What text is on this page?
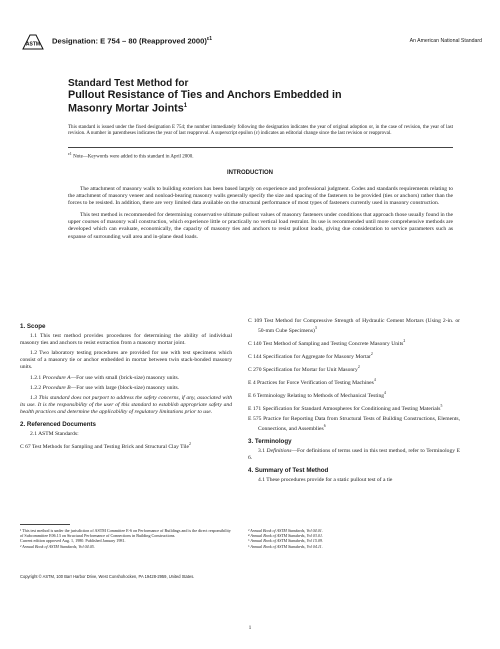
ASTM Designation: E 754 – 80 (Reapproved 2000)$^{\varepsilon 1}$	An American National Standard
Standard Test Method for
Pullout Resistance of Ties and Anchors Embedded in
Masonry Mortar Joints$^1$
This standard is issued under the fixed designation E 754; the number immediately following the designation indicates the year of original adoption or, in the case of revision, the year of last revision. A number in parentheses indicates the year of last reapproval. A superscript epsilon (ε) indicates an editorial change since the last revision or reapproval.
$^{\varepsilon 1}$ Note—Keywords were added to this standard in April 2000.
INTRODUCTION

The attachment of masonry walls to building exteriors has been based largely on experience and professional judgment. Codes and standards requirements relating to the attachment of masonry veneer and nonload-bearing masonry walls generally specify the size and spacing of the fasteners to be provided (ties or anchors) rather than the forces to be resisted. In addition, there are very limited data available on the structural performance of most types of fasteners currently used in masonry construction.

This test method is recommended for determining conservative ultimate pullout values of masonry fasteners under conditions that approach those usually found in the upper courses of masonry wall construction, which experience little or practically no vertical load restraint. Its use is recommended until more comprehensive methods are developed which can evaluate, economically, the capacity of masonry ties and anchors to resist pullout loads, giving due consideration to service parameters such as expanse of surrounding wall area and in-plane dead loads.

1. Scope

1.1 This test method provides procedures for determining the ability of individual masonry ties and anchors to resist extraction from a masonry mortar joint.

1.2 Two laboratory testing procedures are provided for use with test specimens which consist of a masonry tie or anchor embedded in mortar between twin stack-bonded masonry units.

1.2.1 Procedure A—For use with small (brick-size) masonry units.

1.2.2 Procedure B—For use with large (block-size) masonry units.

1.3 This standard does not purport to address the safety concerns, if any, associated with its use. It is the responsibility of the user of this standard to establish appropriate safety and health practices and determine the applicability of regulatory limitations prior to use.

2. Referenced Documents

2.1 ASTM Standards:

C 67 Test Methods for Sampling and Testing Brick and Structural Clay Tile$^2$

C 109 Test Method for Compressive Strength of Hydraulic Cement Mortars (Using 2-in. or 50-mm Cube Specimens)$^3$

C 140 Test Method of Sampling and Testing Concrete Masonry Units$^2$

C 144 Specification for Aggregate for Masonry Mortar$^2$

C 270 Specification for Mortar for Unit Masonry$^2$

E 4 Practices for Force Verification of Testing Machines$^4$

E 6 Terminology Relating to Methods of Mechanical Testing$^4$

E 171 Specification for Standard Atmospheres for Conditioning and Testing Materials$^5$

E 575 Practice for Reporting Data from Structural Tests of Building Constructions, Elements, Connections, and Assemblies$^6$

3. Terminology

3.1 Definitions—For definitions of terms used in this test method, refer to Terminology E 6.

4. Summary of Test Method

4.1 These procedures provide for a static pullout test of a tie

¹ This test method is under the jurisdiction of ASTM Committee E-6 on Performance of Buildings and is the direct responsibility of Subcommittee E06.13 on Structural Performance of Connections in Building Constructions.

Current edition approved Aug. 1, 1980. Published January 1981.

² Annual Book of ASTM Standards, Vol 04.05.

³ Annual Book of ASTM Standards, Vol 04.01.

⁴ Annual Book of ASTM Standards, Vol 03.01.

⁵ Annual Book of ASTM Standards, Vol 15.09.

⁶ Annual Book of ASTM Standards, Vol 04.11.

Copyright © ASTM, 100 Barr Harbor Drive, West Conshohocken, PA 19428-2959, United States.
1
